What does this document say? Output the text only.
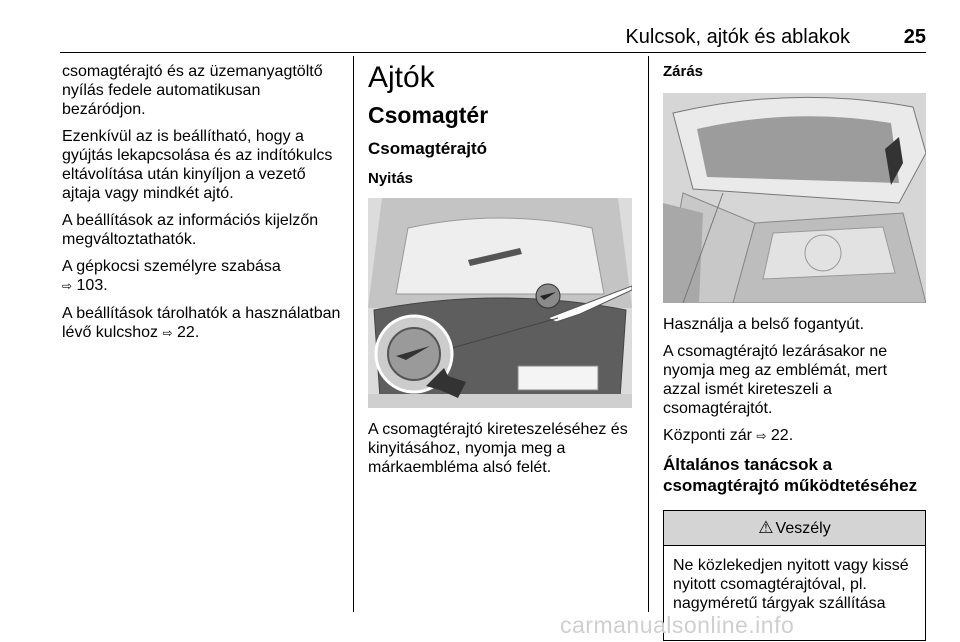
Kulcsok, ajtók és ablakok	25

csomagtérajtó és az üzemanyagtöltő nyílás fedele automatikusan bezáródjon.

Ezenkívül az is beállítható, hogy a gyújtás lekapcsolása és az indítókulcs eltávolítása után kinyíljon a vezető ajtaja vagy mindkét ajtó.

A beállítások az információs kijelzőn megváltoztathatók.

A gépkocsi személyre szabása
⇨ 103.

A beállítások tárolhatók a használatban lévő kulcshoz ⇨ 22.

Ajtók
Csomagtér
Csomagtérajtó
Nyitás

A csomagtérajtó kireteszeléséhez és kinyitásához, nyomja meg a márkaembléma alsó felét.

Zárás

Használja a belső fogantyút.

A csomagtérajtó lezárásakor ne nyomja meg az emblémát, mert azzal ismét kireteszeli a csomagtérajtót.

Központi zár ⇨ 22.

Általános tanácsok a csomagtérajtó működtetéséhez
⚠ Veszély
Ne közlekedjen nyitott vagy kissé nyitott csomagtérajtóval, pl. nagyméretű tárgyak szállítása
carmanualsonline.info
